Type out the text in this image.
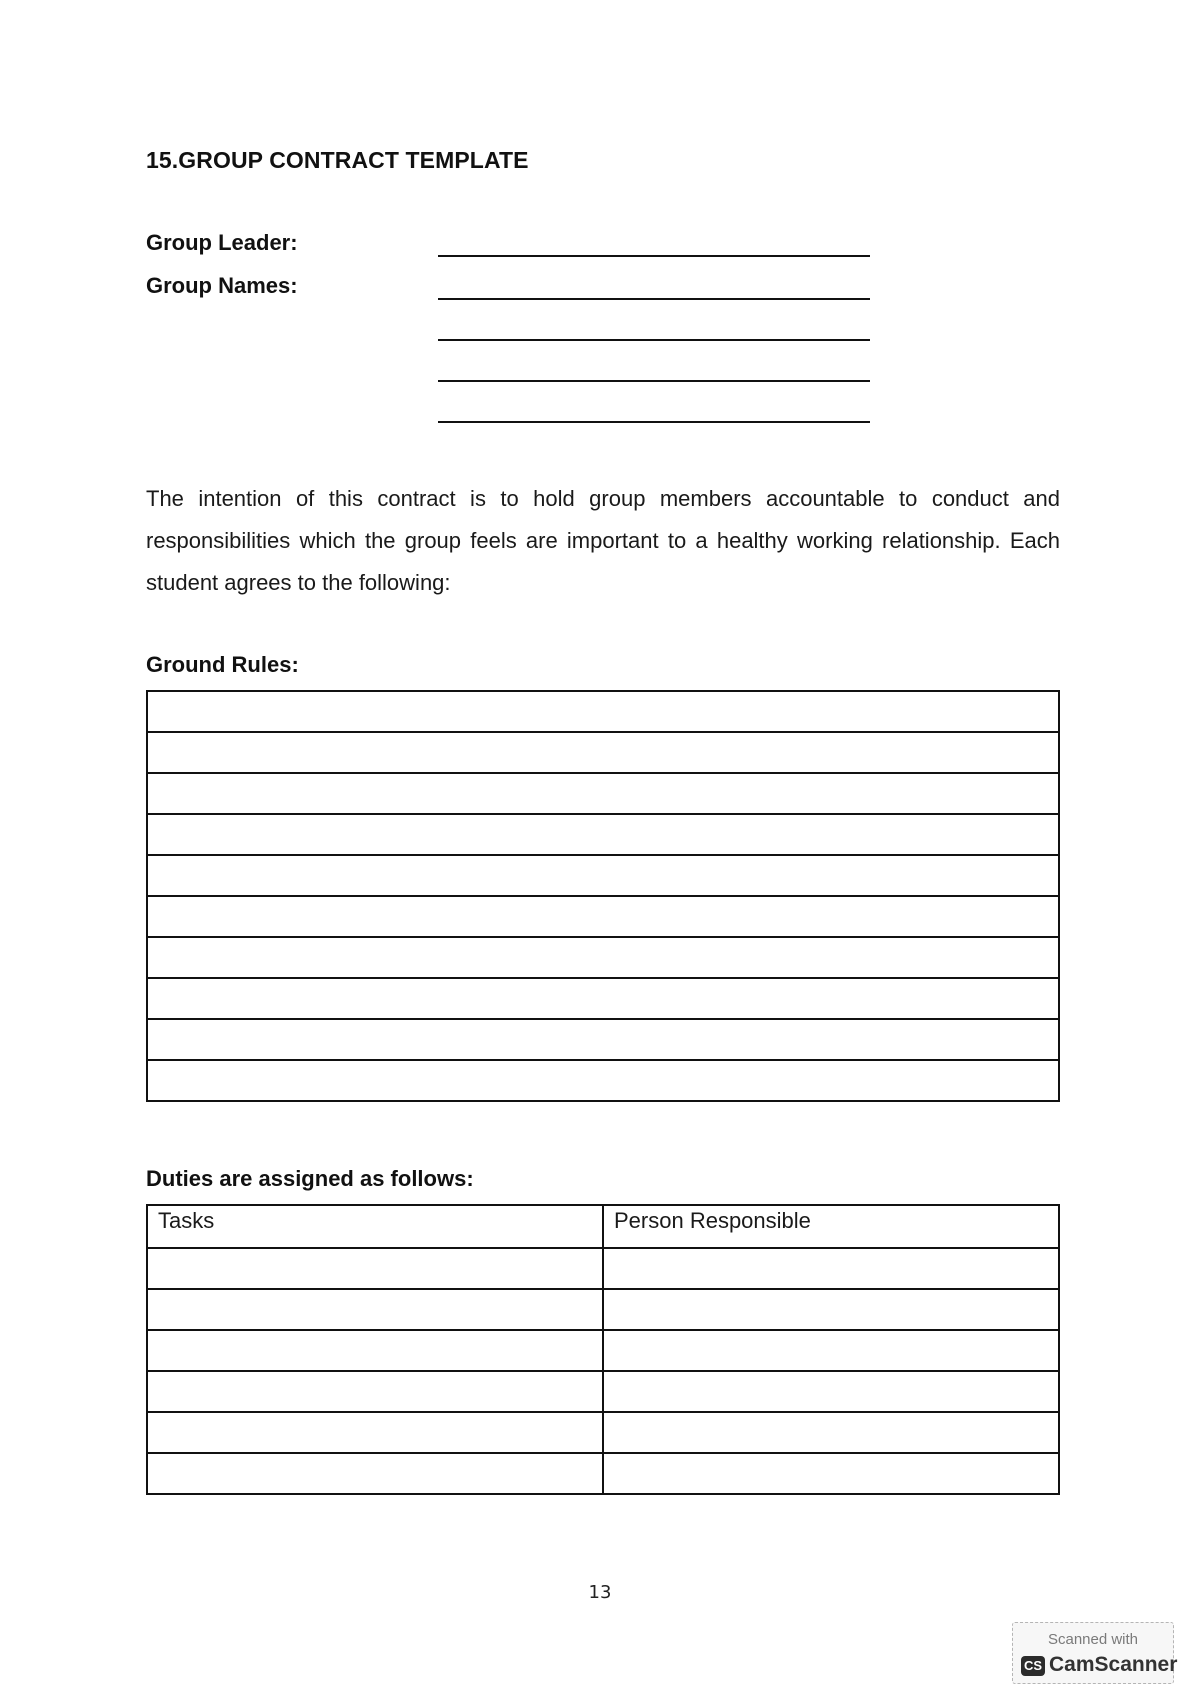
15.GROUP CONTRACT TEMPLATE
Group Leader:
Group Names:
The intention of this contract is to hold group members accountable to conduct and responsibilities which the group feels are important to a healthy working relationship. Each student agrees to the following:
Ground Rules:

Duties are assigned as follows:
Tasks	Person Responsible

13
Scanned with
CS CamScanner
